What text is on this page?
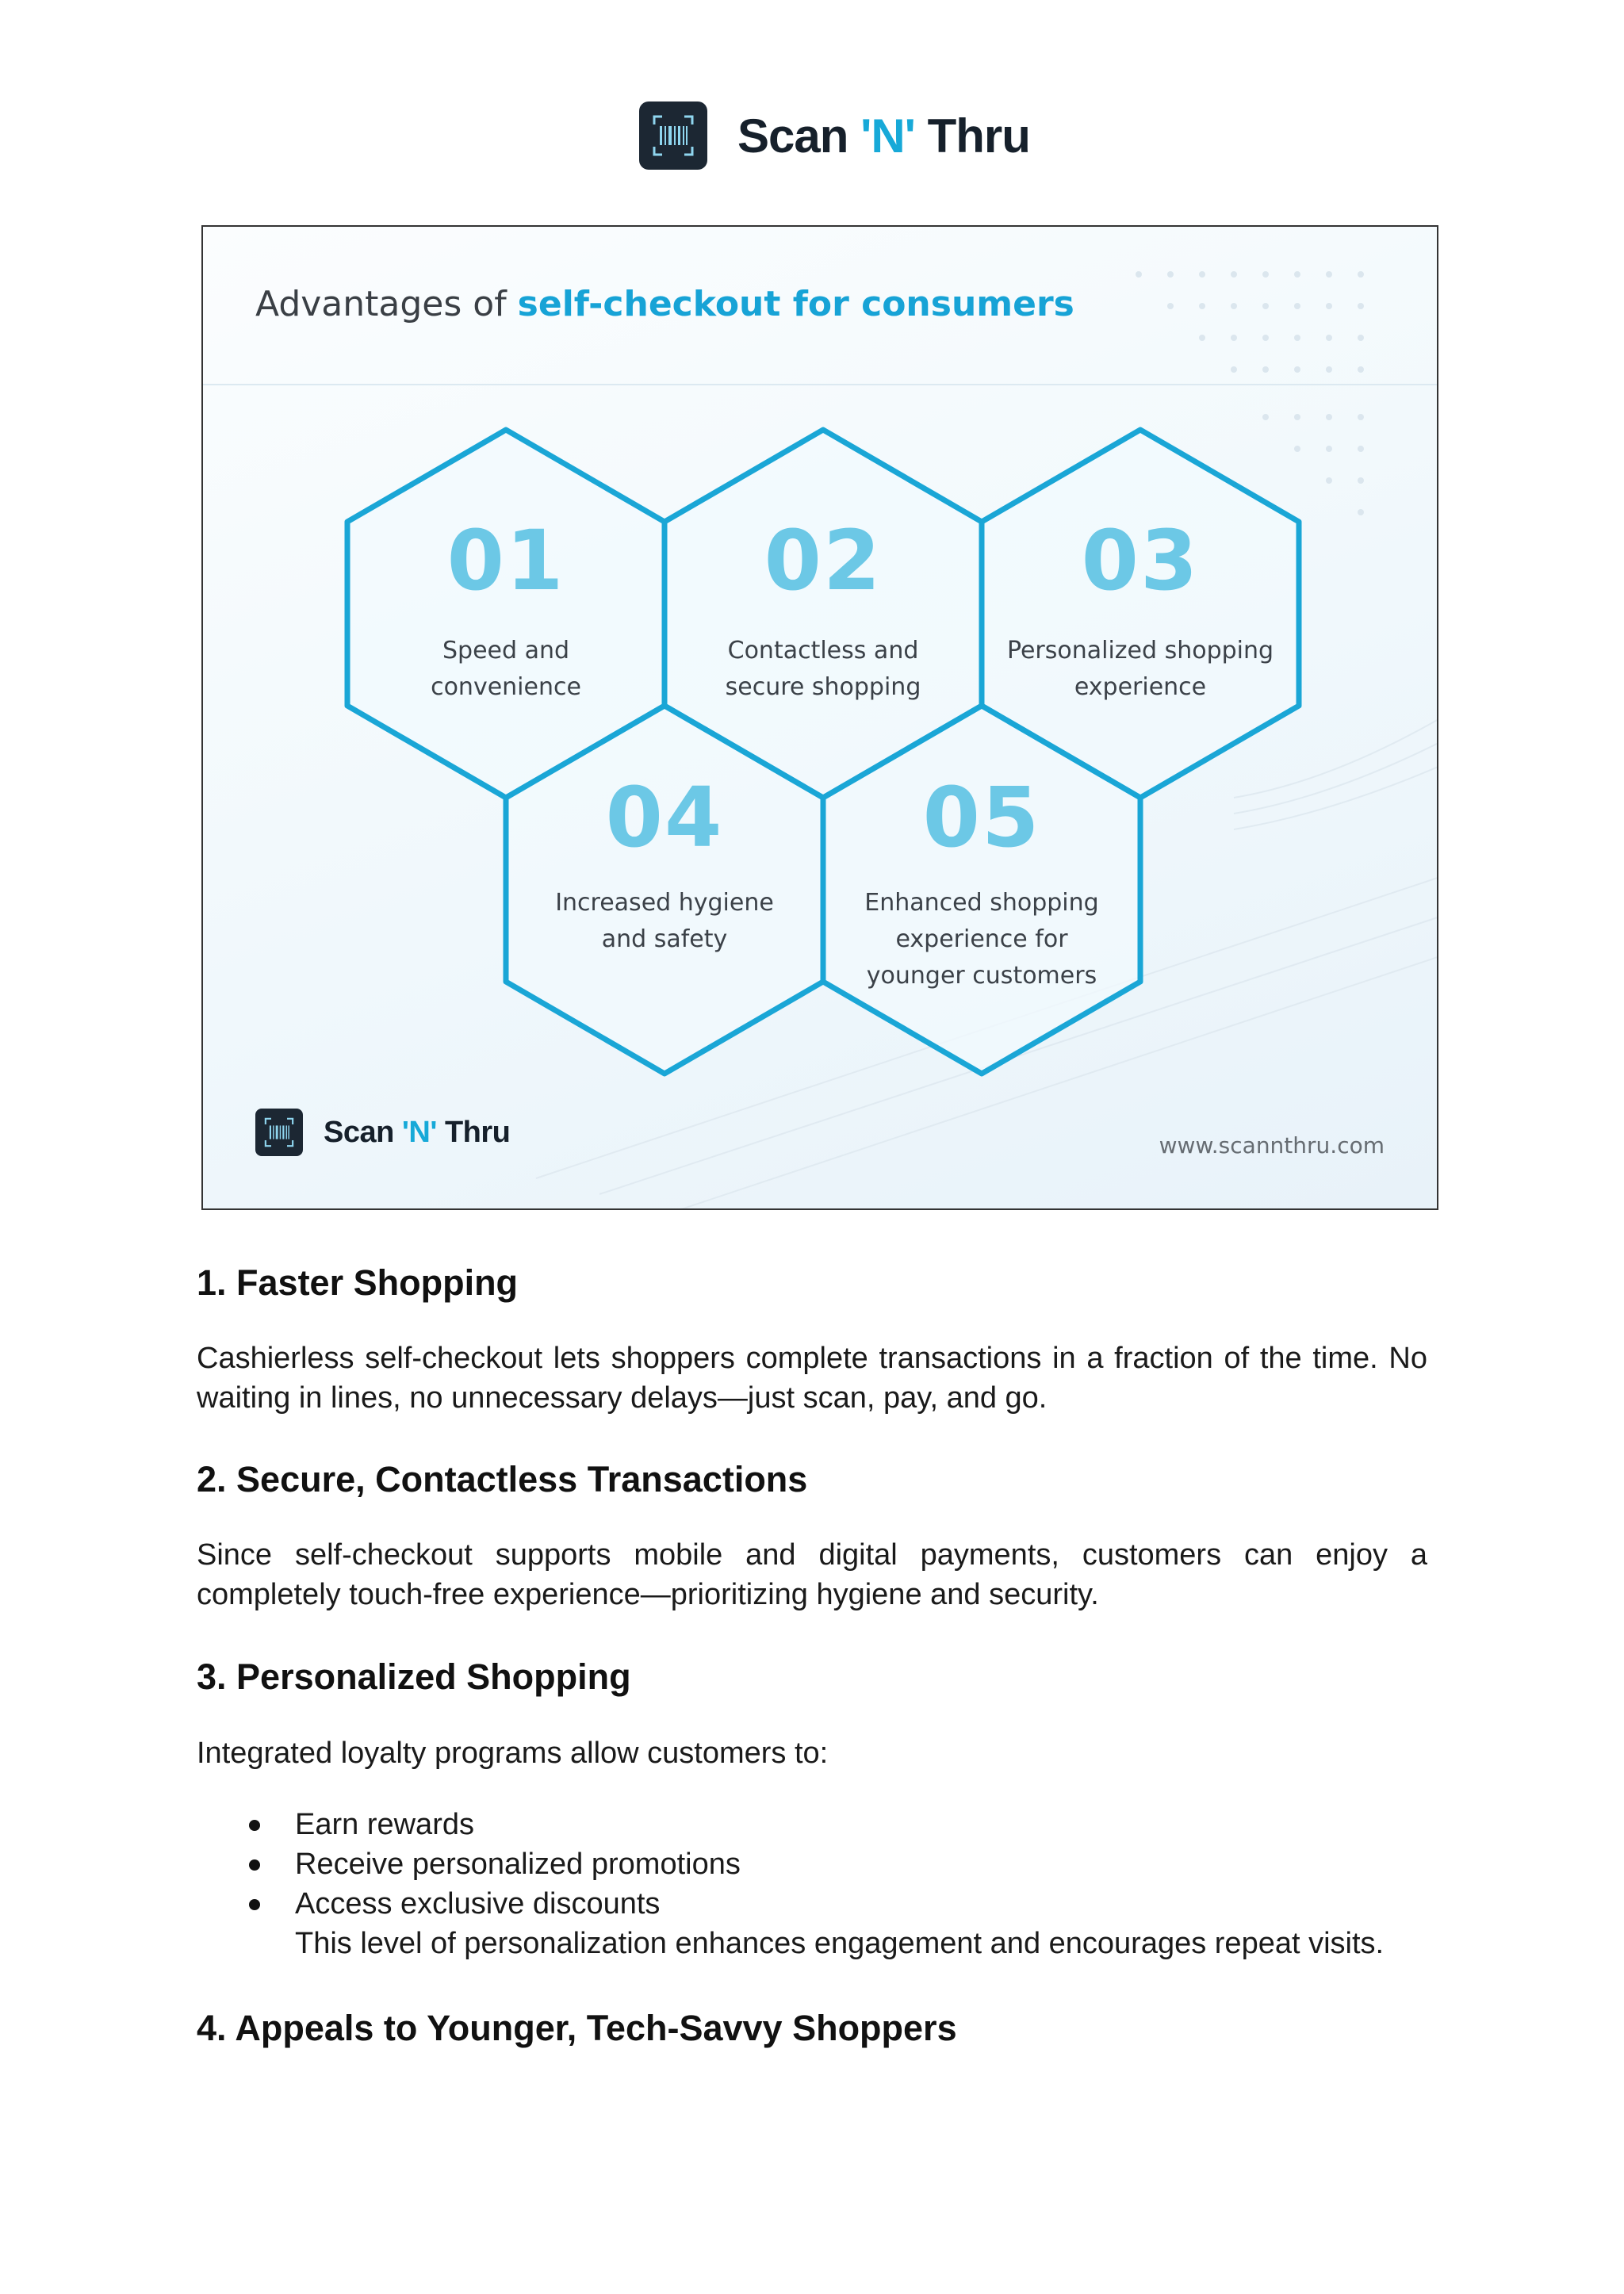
Scan 'N' Thru
Advantages of self-checkout for consumers
01
Speed and
convenience
02
Contactless and
secure shopping
03
Personalized shopping
experience
04
Increased hygiene
and safety
05
Enhanced shopping
experience for
younger customers
Scan 'N' Thru	www.scannthru.com
1. Faster Shopping

Cashierless self-checkout lets shoppers complete transactions in a fraction of the time. No waiting in lines, no unnecessary delays—just scan, pay, and go.

2. Secure, Contactless Transactions

Since self-checkout supports mobile and digital payments, customers can enjoy a completely touch-free experience—prioritizing hygiene and security.

3. Personalized Shopping

Integrated loyalty programs allow customers to:

Earn rewards
Receive personalized promotions
Access exclusive discounts
This level of personalization enhances engagement and encourages repeat visits.
4. Appeals to Younger, Tech-Savvy Shoppers
